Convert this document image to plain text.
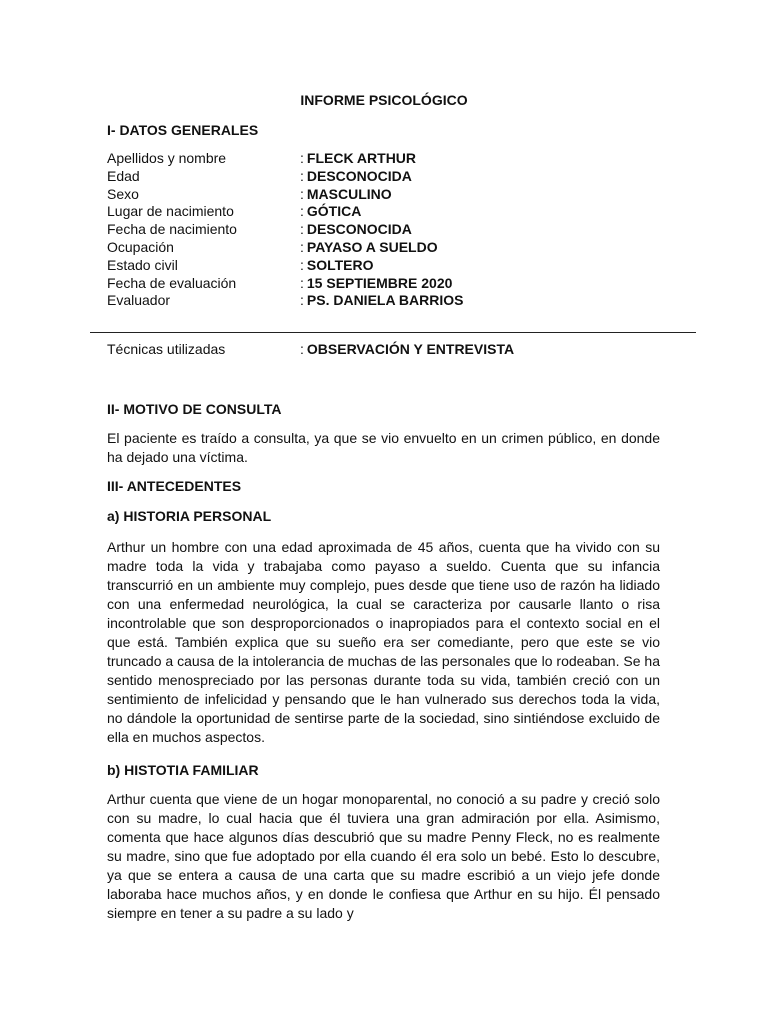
INFORME PSICOLÓGICO
I- DATOS GENERALES
Apellidos y nombre	: FLECK ARTHUR
Edad	: DESCONOCIDA
Sexo	: MASCULINO
Lugar de nacimiento	: GÓTICA
Fecha de nacimiento	: DESCONOCIDA
Ocupación	: PAYASO A SUELDO
Estado civil	: SOLTERO
Fecha de evaluación	: 15 SEPTIEMBRE 2020
Evaluador	: PS. DANIELA BARRIOS
Técnicas utilizadas	: OBSERVACIÓN Y ENTREVISTA
II- MOTIVO DE CONSULTA
El paciente es traído a consulta, ya que se vio envuelto en un crimen público, en donde ha dejado una víctima.
III- ANTECEDENTES
a) HISTORIA PERSONAL
Arthur un hombre con una edad aproximada de 45 años, cuenta que ha vivido con su madre toda la vida y trabajaba como payaso a sueldo. Cuenta que su infancia transcurrió en un ambiente muy complejo, pues desde que tiene uso de razón ha lidiado con una enfermedad neurológica, la cual se caracteriza por causarle llanto o risa incontrolable que son desproporcionados o inapropiados para el contexto social en el que está. También explica que su sueño era ser comediante, pero que este se vio truncado a causa de la intolerancia de muchas de las personales que lo rodeaban. Se ha sentido menospreciado por las personas durante toda su vida, también creció con un sentimiento de infelicidad y pensando que le han vulnerado sus derechos toda la vida, no dándole la oportunidad de sentirse parte de la sociedad, sino sintiéndose excluido de ella en muchos aspectos.
b) HISTOTIA FAMILIAR
Arthur cuenta que viene de un hogar monoparental, no conoció a su padre y creció solo con su madre, lo cual hacia que él tuviera una gran admiración por ella. Asimismo, comenta que hace algunos días descubrió que su madre Penny Fleck, no es realmente su madre, sino que fue adoptado por ella cuando él era solo un bebé. Esto lo descubre, ya que se entera a causa de una carta que su madre escribió a un viejo jefe donde laboraba hace muchos años, y en donde le confiesa que Arthur en su hijo. Él pensado siempre en tener a su padre a su lado y
